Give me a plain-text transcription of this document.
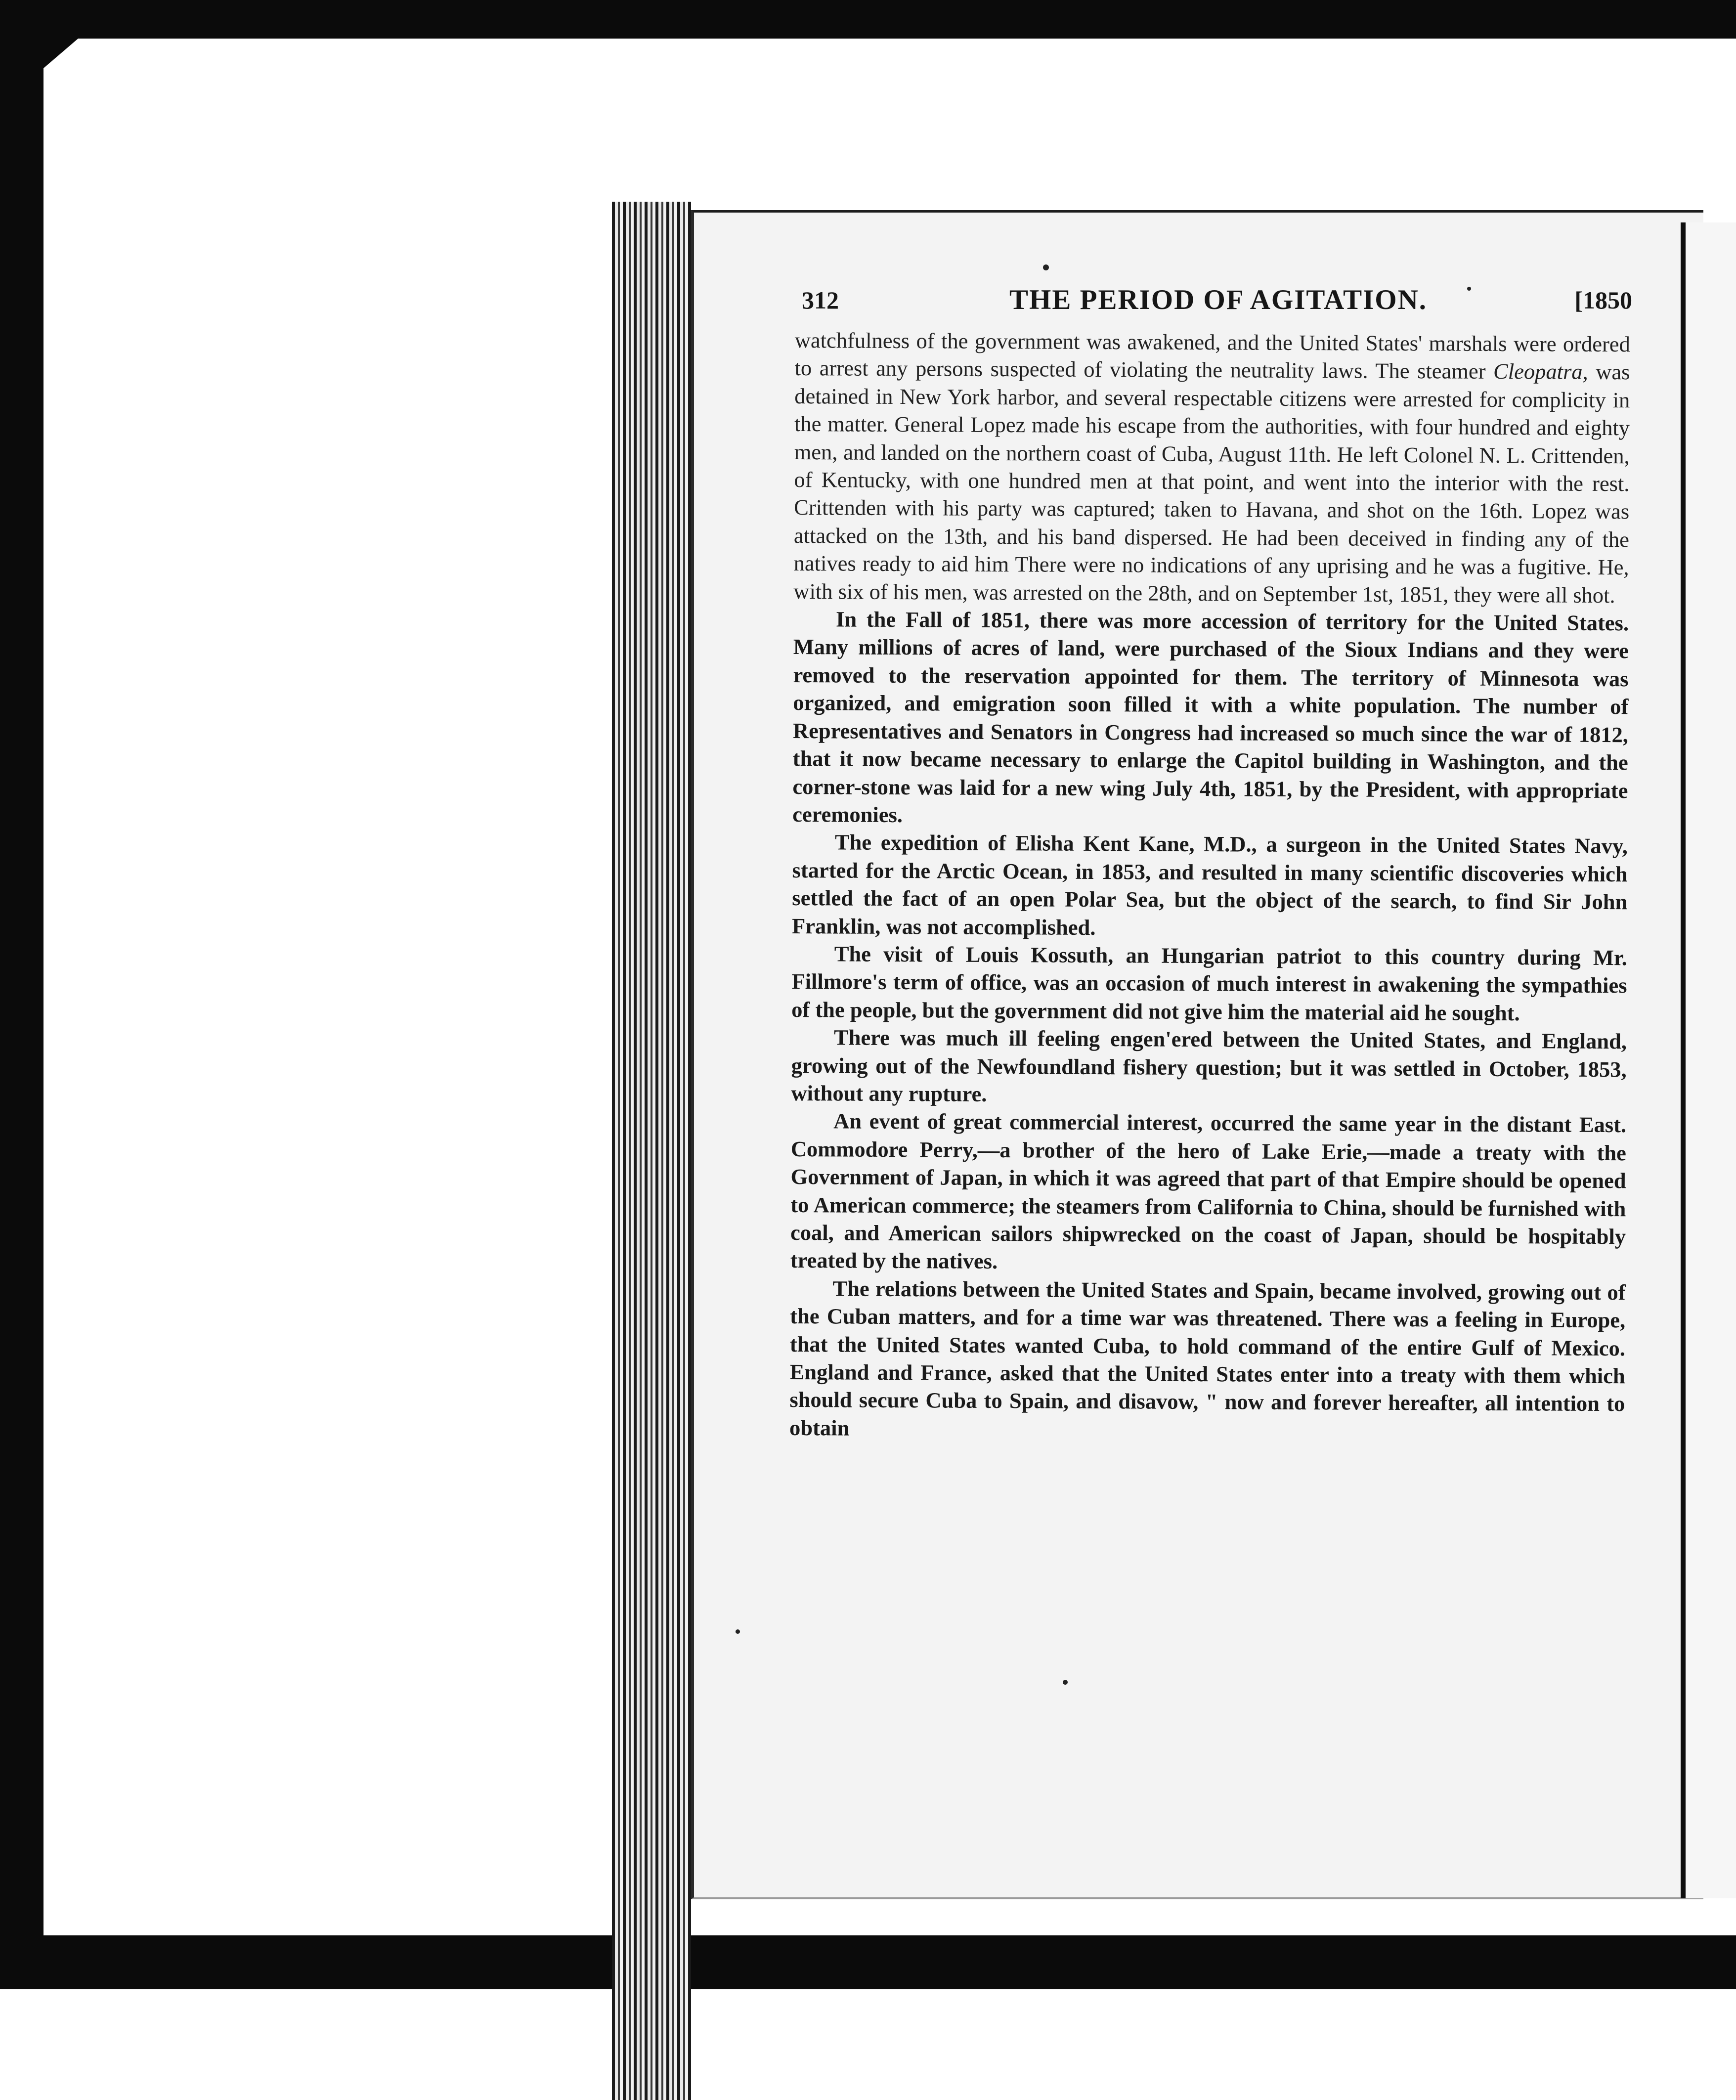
312	THE PERIOD OF AGITATION.	[1850

watchfulness of the government was awakened, and the United States' marshals were ordered to arrest any persons suspected of violating the neutrality laws. The steamer Cleopatra, was detained in New York harbor, and several respectable citizens were arrested for complicity in the matter. General Lopez made his escape from the authorities, with four hundred and eighty men, and landed on the northern coast of Cuba, August 11th. He left Colonel N. L. Crittenden, of Kentucky, with one hundred men at that point, and went into the interior with the rest. Crittenden with his party was captured; taken to Havana, and shot on the 16th. Lopez was attacked on the 13th, and his band dispersed. He had been deceived in finding any of the natives ready to aid him There were no indications of any uprising and he was a fugitive. He, with six of his men, was arrested on the 28th, and on September 1st, 1851, they were all shot.

In the Fall of 1851, there was more accession of territory for the United States. Many millions of acres of land, were purchased of the Sioux Indians and they were removed to the reservation appointed for them. The territory of Minnesota was organized, and emigration soon filled it with a white population. The number of Representatives and Senators in Congress had increased so much since the war of 1812, that it now became necessary to enlarge the Capitol building in Washington, and the corner-stone was laid for a new wing July 4th, 1851, by the President, with appropriate ceremonies.

The expedition of Elisha Kent Kane, M.D., a surgeon in the United States Navy, started for the Arctic Ocean, in 1853, and resulted in many scientific discoveries which settled the fact of an open Polar Sea, but the object of the search, to find Sir John Franklin, was not accomplished.

The visit of Louis Kossuth, an Hungarian patriot to this country during Mr. Fillmore's term of office, was an occasion of much interest in awakening the sympathies of the people, but the government did not give him the material aid he sought.

There was much ill feeling engen'ered between the United States, and England, growing out of the Newfoundland fishery question; but it was settled in October, 1853, without any rupture.

An event of great commercial interest, occurred the same year in the distant East. Commodore Perry,—a brother of the hero of Lake Erie,—made a treaty with the Government of Japan, in which it was agreed that part of that Empire should be opened to American commerce; the steamers from California to China, should be furnished with coal, and American sailors shipwrecked on the coast of Japan, should be hospitably treated by the natives.

The relations between the United States and Spain, became involved, growing out of the Cuban matters, and for a time war was threatened. There was a feeling in Europe, that the United States wanted Cuba, to hold command of the entire Gulf of Mexico. England and France, asked that the United States enter into a treaty with them which should secure Cuba to Spain, and disavow, " now and forever hereafter, all intention to obtain
